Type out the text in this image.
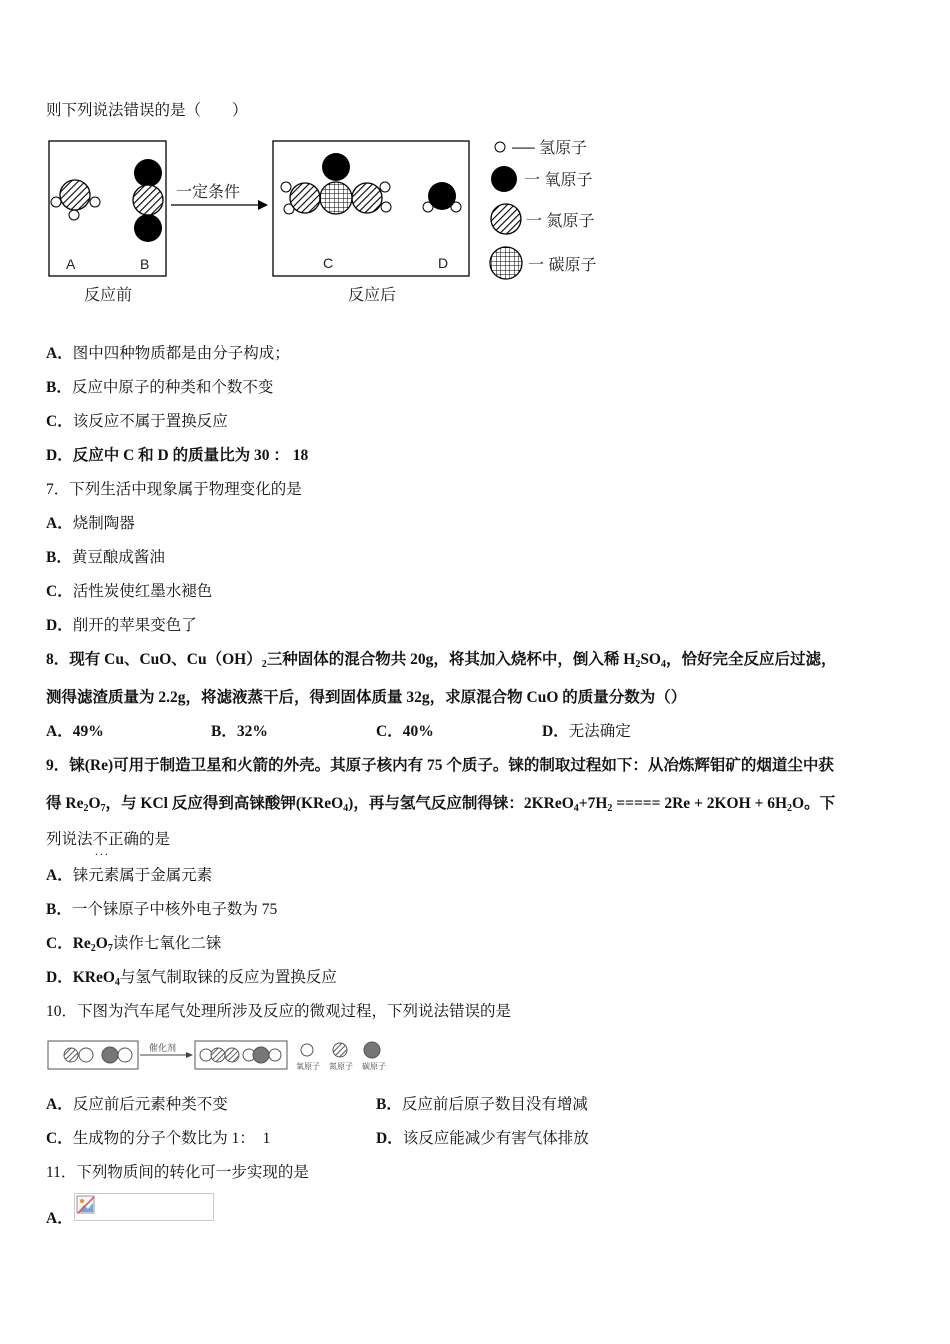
则下列说法错误的是（　　）
A	B
一定条件
C	D
反应前	反应后
── 氢原子
一 氧原子
一 氮原子
一 碳原子
A．图中四种物质都是由分子构成；
B．反应中原子的种类和个数不变
C．该反应不属于置换反应
D．反应中 C 和 D 的质量比为 30 ： 18
7．下列生活中现象属于物理变化的是
A．烧制陶器
B．黄豆酿成酱油
C．活性炭使红墨水褪色
D．削开的苹果变色了
8．现有 Cu、CuO、$Cu(OH)_2$三种固体的混合物共 20g，将其加入烧杯中，倒入稀 $H_2SO_4$，恰好完全反应后过滤，
测得滤渣质量为 2.2g，将滤液蒸干后，得到固体质量 32g，求原混合物 CuO 的质量分数为（）
A．49%	B．32%	C．40%	D．无法确定
9．铼(Re)可用于制造卫星和火箭的外壳。其原子核内有 75 个质子。铼的制取过程如下：从冶炼辉钼矿的烟道尘中获
得 $Re_2O_7$，与 KCl 反应得到高铼酸钾(KReO$_4$)，再与氢气反应制得铼：$2KReO_4+7H_2$ ===== $2Re + 2KOH + 6H_2O$。下
列说法不正确 · ·的是
A．铼元素属于金属元素
B．一个铼原子中核外电子数为 75
C．$Re_2O_7$读作七氧化二铼
D．KReO$_4$与氢气制取铼的反应为置换反应
10．下图为汽车尾气处理所涉及反应的微观过程，下列说法错误的是
催化剂
氧原子 氮原子 碳原子
A．反应前后元素种类不变	B．反应前后原子数目没有增减
C．生成物的分子个数比为 1：　1	D．该反应能减少有害气体排放
11．下列物质间的转化可一步实现的是
A．
